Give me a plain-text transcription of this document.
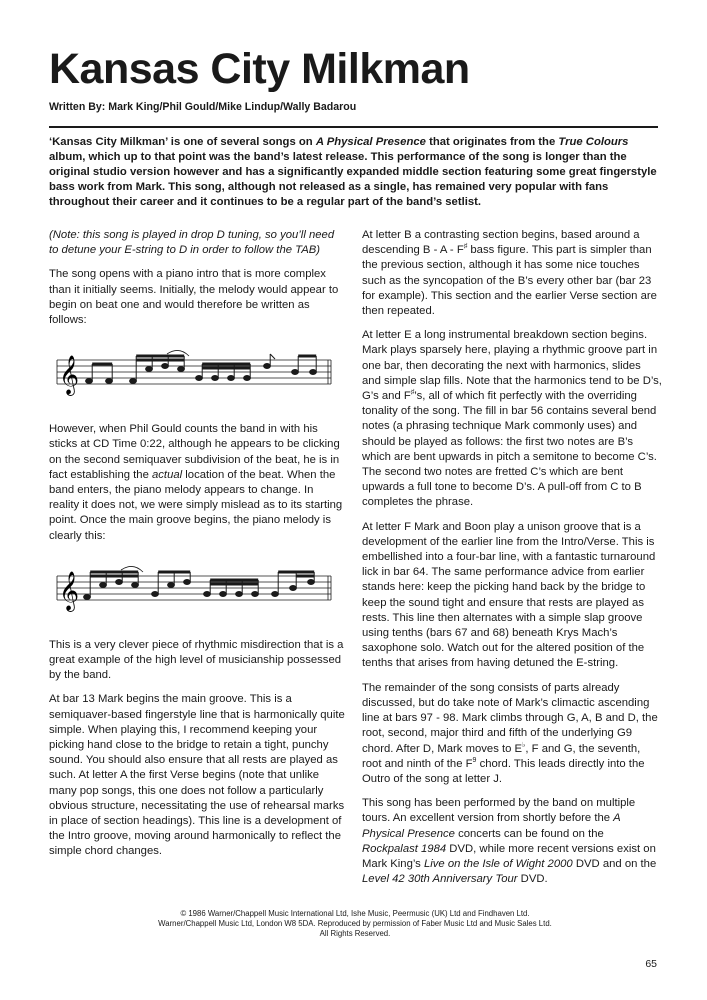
Kansas City Milkman
Written By: Mark King/Phil Gould/Mike Lindup/Wally Badarou
‘Kansas City Milkman’ is one of several songs on A Physical Presence that originates from the True Colours album, which up to that point was the band’s latest release. This performance of the song is longer than the original studio version however and has a significantly expanded middle section featuring some great fingerstyle bass work from Mark. This song, although not released as a single, has remained very popular with fans throughout their career and it continues to be a regular part of the band’s setlist.

(Note: this song is played in drop D tuning, so you’ll need to detune your E-string to D in order to follow the TAB)

The song opens with a piano intro that is more complex than it initially seems. Initially, the melody would appear to begin on beat one and would therefore be written as follows:

𝄞

However, when Phil Gould counts the band in with his sticks at CD Time 0:22, although he appears to be clicking on the second semiquaver subdivision of the beat, he is in fact establishing the actual location of the beat. When the band enters, the piano melody appears to change. In reality it does not, we were simply mislead as to its starting point. Once the main groove begins, the piano melody is clearly this:

𝄞

This is a very clever piece of rhythmic misdirection that is a great example of the high level of musicianship possessed by the band.

At bar 13 Mark begins the main groove. This is a semiquaver-based fingerstyle line that is harmonically quite simple. When playing this, I recommend keeping your picking hand close to the bridge to retain a tight, punchy sound. You should also ensure that all rests are played as such. At letter A the first Verse begins (note that unlike many pop songs, this one does not follow a particularly obvious structure, necessitating the use of rehearsal marks in place of section headings). This line is a development of the Intro groove, moving around harmonically to reflect the simple chord changes.

At letter B a contrasting section begins, based around a descending B - A - F♯ bass figure. This part is simpler than the previous section, although it has some nice touches such as the syncopation of the B’s every other bar (bar 23 for example). This section and the earlier Verse section are then repeated.

At letter E a long instrumental breakdown section begins. Mark plays sparsely here, playing a rhythmic groove part in one bar, then decorating the next with harmonics, slides and simple slap fills. Note that the harmonics tend to be D’s, G’s and F♯’s, all of which fit perfectly with the overriding tonality of the song. The fill in bar 56 contains several bend notes (a phrasing technique Mark commonly uses) and should be played as follows: the first two notes are B’s which are bent upwards in pitch a semitone to become C’s. The second two notes are fretted C’s which are bent upwards a full tone to become D’s. A pull-off from C to B completes the phrase.

At letter F Mark and Boon play a unison groove that is a development of the earlier line from the Intro/Verse. This is embellished into a four-bar line, with a fantastic turnaround lick in bar 64. The same performance advice from earlier stands here: keep the picking hand back by the bridge to keep the sound tight and ensure that rests are played as rests. This line then alternates with a simple slap groove using tenths (bars 67 and 68) beneath Krys Mach’s saxophone solo. Watch out for the altered position of the tenths that arises from having detuned the E-string.

The remainder of the song consists of parts already discussed, but do take note of Mark’s climactic ascending line at bars 97 - 98. Mark climbs through G, A, B and D, the root, second, major third and fifth of the underlying G9 chord. After D, Mark moves to E♭, F and G, the seventh, root and ninth of the $F^9$ chord. This leads directly into the Outro of the song at letter J.

This song has been performed by the band on multiple tours. An excellent version from shortly before the A Physical Presence concerts can be found on the Rockpalast 1984 DVD, while more recent versions exist on Mark King’s Live on the Isle of Wight 2000 DVD and on the Level 42 30th Anniversary Tour DVD.

© 1986 Warner/Chappell Music International Ltd, Ishe Music, Peermusic (UK) Ltd and Findhaven Ltd.
Warner/Chappell Music Ltd, London W8 5DA. Reproduced by permission of Faber Music Ltd and Music Sales Ltd.
All Rights Reserved.
65
